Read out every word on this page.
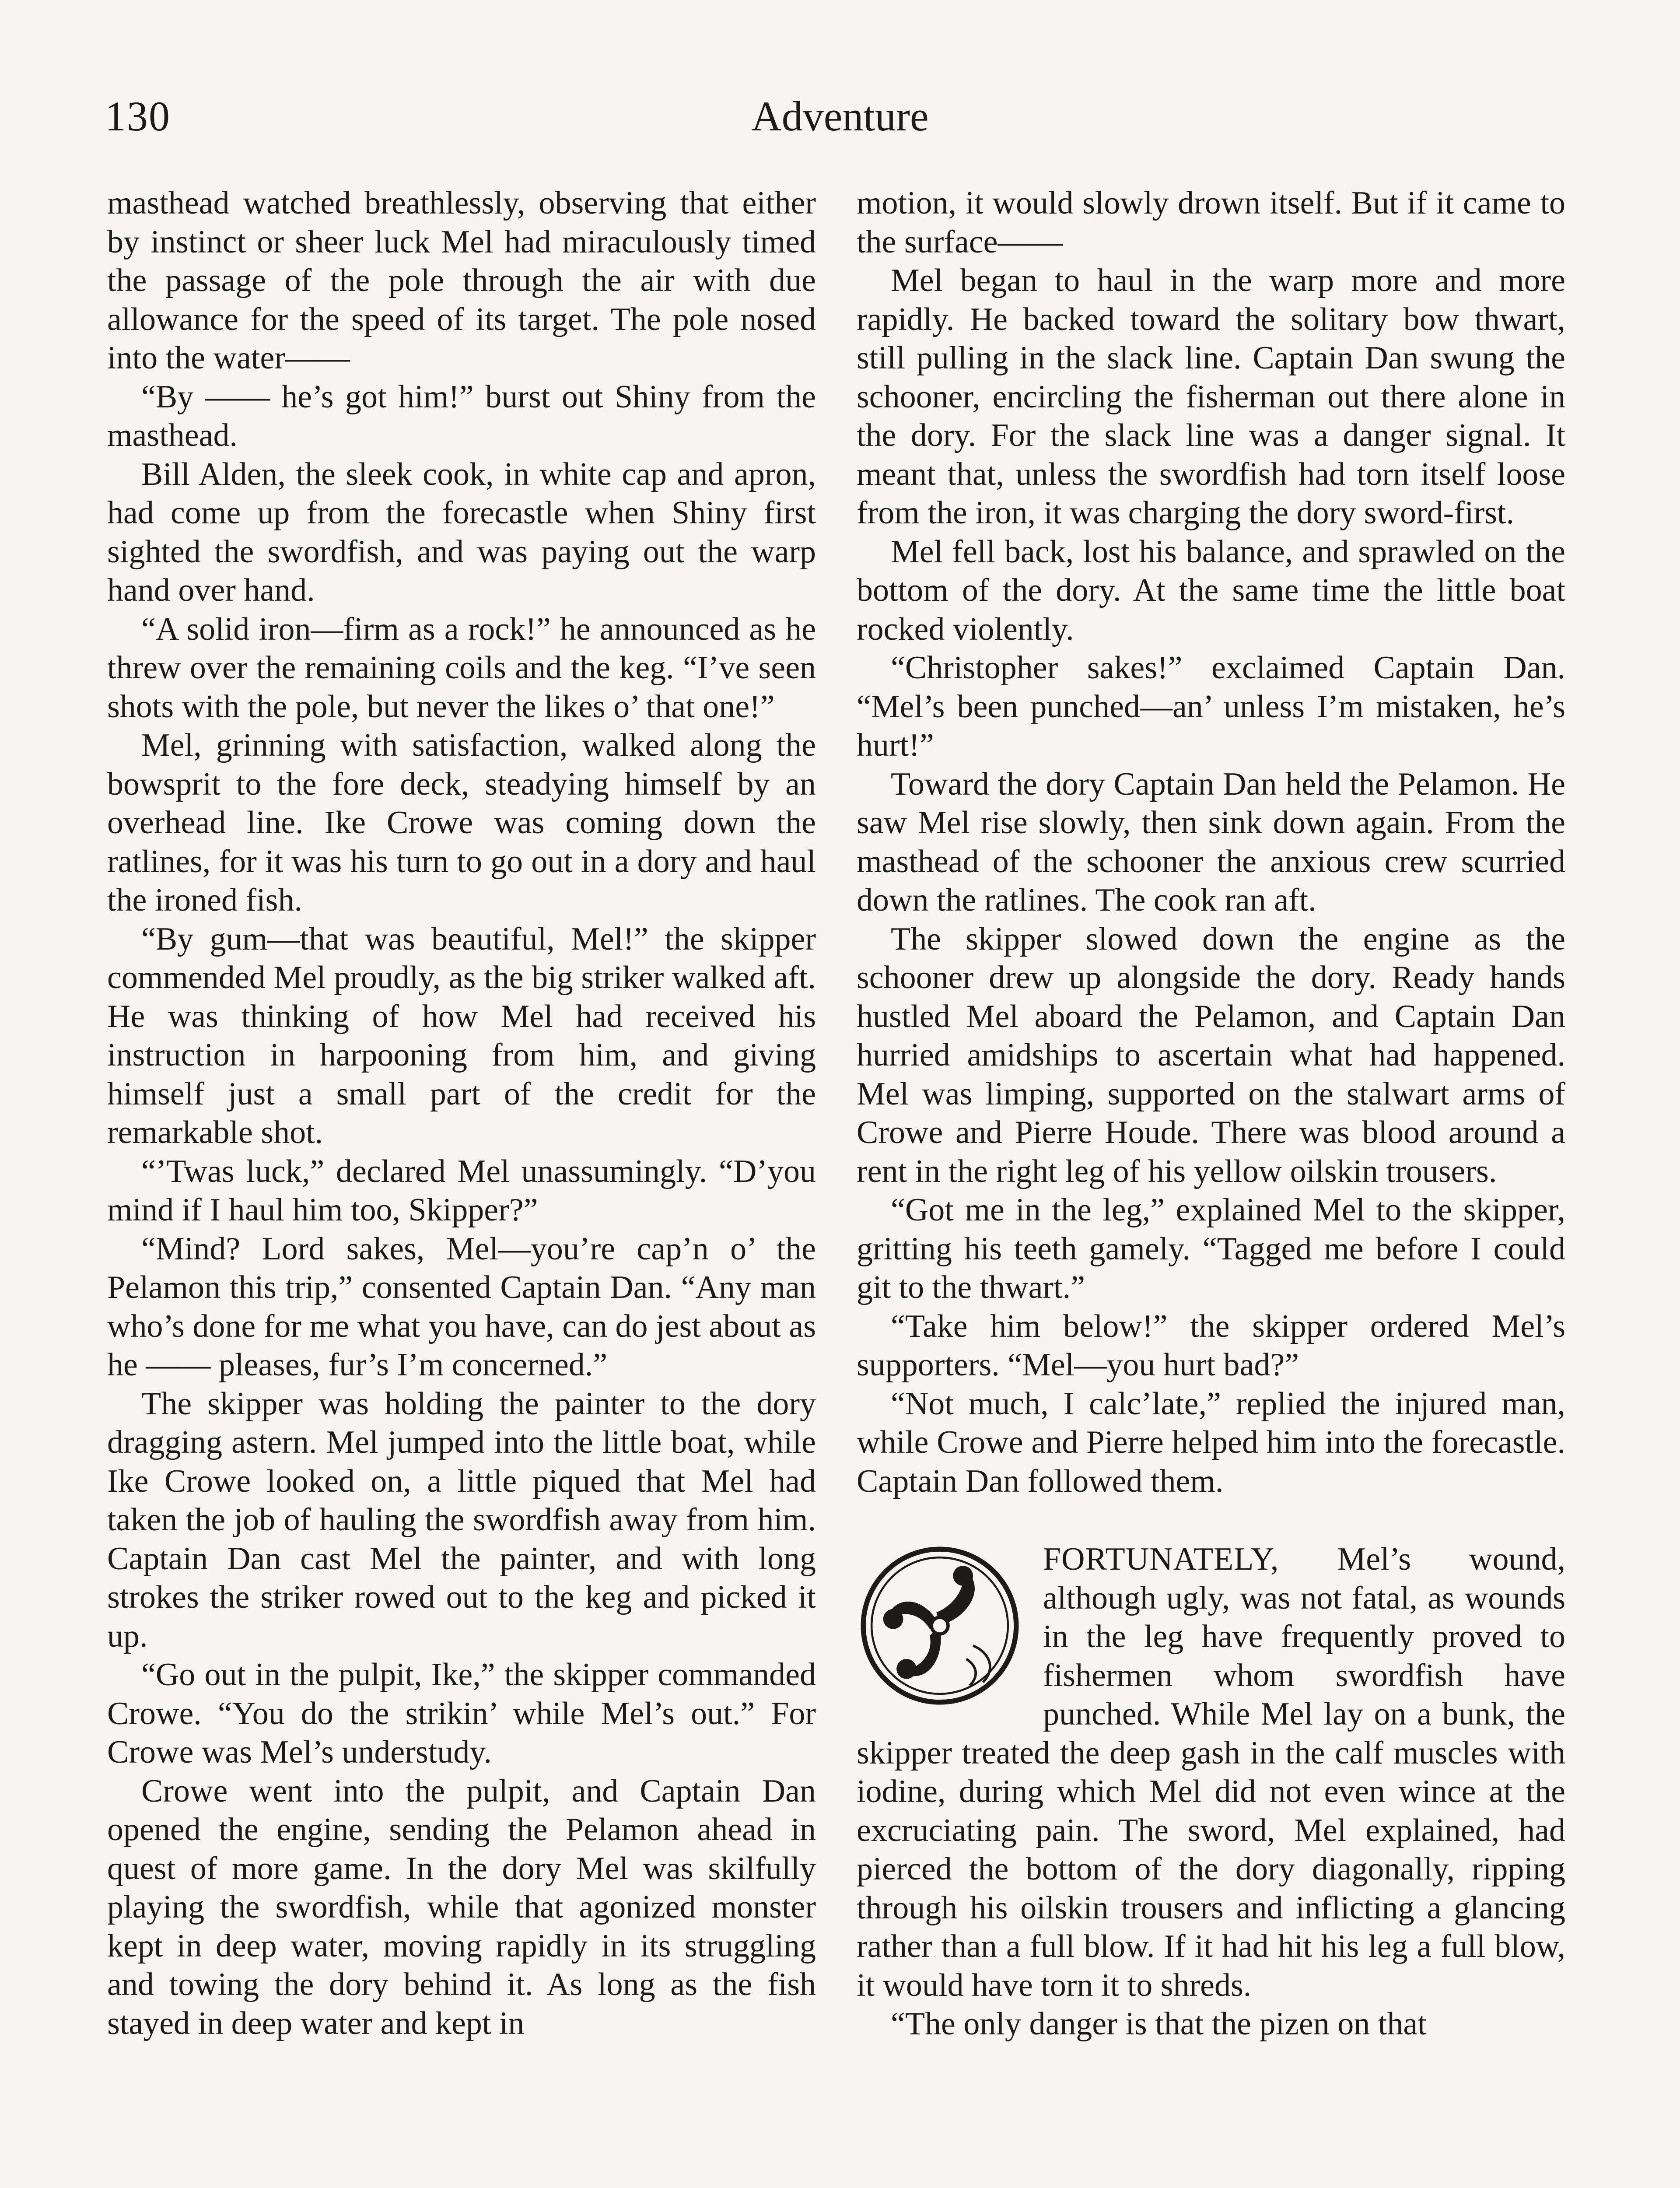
130	Adventure

masthead watched breathlessly, observing that either by instinct or sheer luck Mel had miraculously timed the passage of the pole through the air with due allowance for the speed of its target. The pole nosed into the water——

“By —— he’s got him!” burst out Shiny from the masthead.

Bill Alden, the sleek cook, in white cap and apron, had come up from the forecastle when Shiny first sighted the swordfish, and was paying out the warp hand over hand.

“A solid iron—firm as a rock!” he announced as he threw over the remaining coils and the keg. “I’ve seen shots with the pole, but never the likes o’ that one!”

Mel, grinning with satisfaction, walked along the bowsprit to the fore deck, steadying himself by an overhead line. Ike Crowe was coming down the ratlines, for it was his turn to go out in a dory and haul the ironed fish.

“By gum—that was beautiful, Mel!” the skipper commended Mel proudly, as the big striker walked aft. He was thinking of how Mel had received his instruction in harpooning from him, and giving himself just a small part of the credit for the remarkable shot.

“’Twas luck,” declared Mel unassumingly. “D’you mind if I haul him too, Skipper?”

“Mind? Lord sakes, Mel—you’re cap’n o’ the Pelamon this trip,” consented Captain Dan. “Any man who’s done for me what you have, can do jest about as he —— pleases, fur’s I’m concerned.”

The skipper was holding the painter to the dory dragging astern. Mel jumped into the little boat, while Ike Crowe looked on, a little piqued that Mel had taken the job of hauling the swordfish away from him. Captain Dan cast Mel the painter, and with long strokes the striker rowed out to the keg and picked it up.

“Go out in the pulpit, Ike,” the skipper commanded Crowe. “You do the strikin’ while Mel’s out.” For Crowe was Mel’s understudy.

Crowe went into the pulpit, and Captain Dan opened the engine, sending the Pelamon ahead in quest of more game. In the dory Mel was skilfully playing the swordfish, while that agonized monster kept in deep water, moving rapidly in its struggling and towing the dory behind it. As long as the fish stayed in deep water and kept in

motion, it would slowly drown itself. But if it came to the surface——

Mel began to haul in the warp more and more rapidly. He backed toward the solitary bow thwart, still pulling in the slack line. Captain Dan swung the schooner, encircling the fisherman out there alone in the dory. For the slack line was a danger signal. It meant that, unless the swordfish had torn itself loose from the iron, it was charging the dory sword-first.

Mel fell back, lost his balance, and sprawled on the bottom of the dory. At the same time the little boat rocked violently.

“Christopher sakes!” exclaimed Captain Dan. “Mel’s been punched—an’ unless I’m mistaken, he’s hurt!”

Toward the dory Captain Dan held the Pelamon. He saw Mel rise slowly, then sink down again. From the masthead of the schooner the anxious crew scurried down the ratlines. The cook ran aft.

The skipper slowed down the engine as the schooner drew up alongside the dory. Ready hands hustled Mel aboard the Pelamon, and Captain Dan hurried amidships to ascertain what had happened. Mel was limping, supported on the stalwart arms of Crowe and Pierre Houde. There was blood around a rent in the right leg of his yellow oilskin trousers.

“Got me in the leg,” explained Mel to the skipper, gritting his teeth gamely. “Tagged me before I could git to the thwart.”

“Take him below!” the skipper ordered Mel’s supporters. “Mel—you hurt bad?”

“Not much, I calc’late,” replied the injured man, while Crowe and Pierre helped him into the forecastle. Captain Dan followed them.

FORTUNATELY, Mel’s wound, although ugly, was not fatal, as wounds in the leg have frequently proved to fishermen whom swordfish have punched. While Mel lay on a bunk, the skipper treated the deep gash in the calf muscles with iodine, during which Mel did not even wince at the excruciating pain. The sword, Mel explained, had pierced the bottom of the dory diagonally, ripping through his oilskin trousers and inflicting a glancing rather than a full blow. If it had hit his leg a full blow, it would have torn it to shreds.

“The only danger is that the pizen on that
